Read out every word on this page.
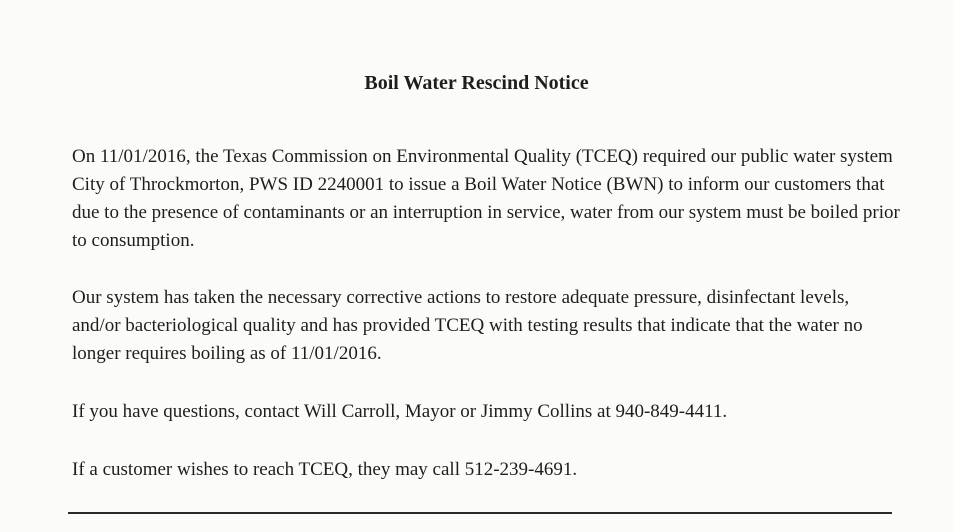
Boil Water Rescind Notice

On 11/01/2016, the Texas Commission on Environmental Quality (TCEQ) required our public water system City of Throckmorton, PWS ID 2240001 to issue a Boil Water Notice (BWN) to inform our customers that due to the presence of contaminants or an interruption in service, water from our system must be boiled prior to consumption.

Our system has taken the necessary corrective actions to restore adequate pressure, disinfectant levels, and/or bacteriological quality and has provided TCEQ with testing results that indicate that the water no longer requires boiling as of 11/01/2016.

If you have questions, contact Will Carroll, Mayor or Jimmy Collins at 940-849-4411.

If a customer wishes to reach TCEQ, they may call 512-239-4691.
